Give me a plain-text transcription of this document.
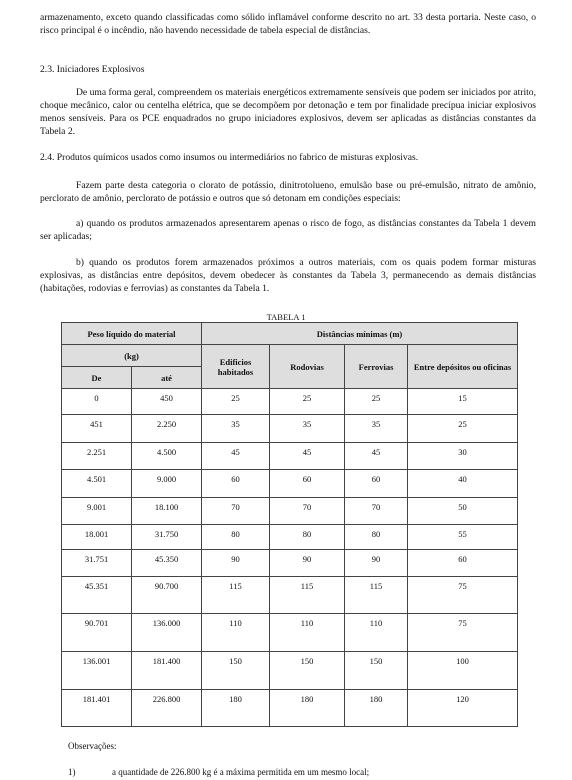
armazenamento, exceto quando classificadas como sólido inflamável conforme descrito no art. 33 desta portaria. Neste caso, o risco principal é o incêndio, não havendo necessidade de tabela especial de distâncias.

2.3. Iniciadores Explosivos

De uma forma geral, compreendem os materiais energéticos extremamente sensíveis que podem ser iniciados por atrito, choque mecânico, calor ou centelha elétrica, que se decompõem por detonação e tem por finalidade precípua iniciar explosivos menos sensíveis. Para os PCE enquadrados no grupo iniciadores explosivos, devem ser aplicadas as distâncias constantes da Tabela 2.

2.4. Produtos químicos usados como insumos ou intermediários no fabrico de misturas explosivas.

Fazem parte desta categoria o clorato de potássio, dinitrotolueno, emulsão base ou pré-emulsão, nitrato de amônio, perclorato de amônio, perclorato de potássio e outros que só detonam em condições especiais:

a) quando os produtos armazenados apresentarem apenas o risco de fogo, as distâncias constantes da Tabela 1 devem ser aplicadas;

b) quando os produtos forem armazenados próximos a outros materiais, com os quais podem formar misturas explosivas, as distâncias entre depósitos, devem obedecer às constantes da Tabela 3, permanecendo as demais distâncias (habitações, rodovias e ferrovias) as constantes da Tabela 1.

TABELA 1
Peso líquido do material		Distâncias mínimas (m)			
(kg)		Edificios habitados	Rodovias	Ferrovias	Entre depósitos ou oficinas
De	até				
0	450	25	25	25	15
451	2.250	35	35	35	25
2.251	4.500	45	45	45	30
4.501	9.000	60	60	60	40
9.001	18.100	70	70	70	50
18.001	31.750	80	80	80	55
31.751	45.350	90	90	90	60
45.351	90.700	115	115	115	75
90.701	136.000	110	110	110	75
136.001	181.400	150	150	150	100
181.401	226.800	180	180	180	120
Observações:
1)	a quantidade de 226.800 kg é a máxima permitida em um mesmo local;
